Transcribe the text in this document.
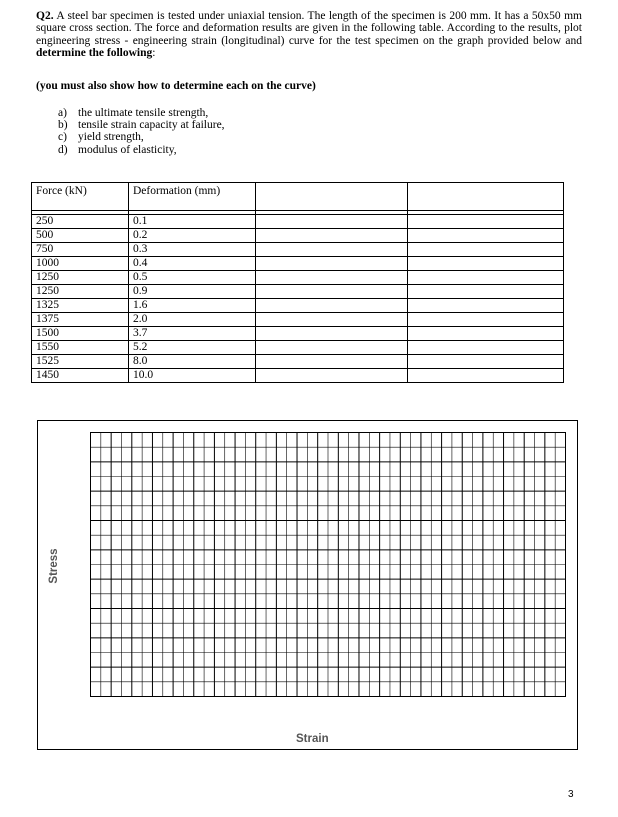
Q2. A steel bar specimen is tested under uniaxial tension. The length of the specimen is 200 mm. It has a 50x50 mm square cross section. The force and deformation results are given in the following table. According to the results, plot engineering stress - engineering strain (longitudinal) curve for the test specimen on the graph provided below and determine the following:
(you must also show how to determine each on the curve)
a) the ultimate tensile strength,
b) tensile strain capacity at failure,
c) yield strength,
d) modulus of elasticity,
Force (kN)	Deformation (mm)		

250	0.1		
500	0.2		
750	0.3		
1000	0.4		
1250	0.5		
1250	0.9		
1325	1.6		
1375	2.0		
1500	3.7		
1550	5.2		
1525	8.0		
1450	10.0		
Stress
Strain
3
